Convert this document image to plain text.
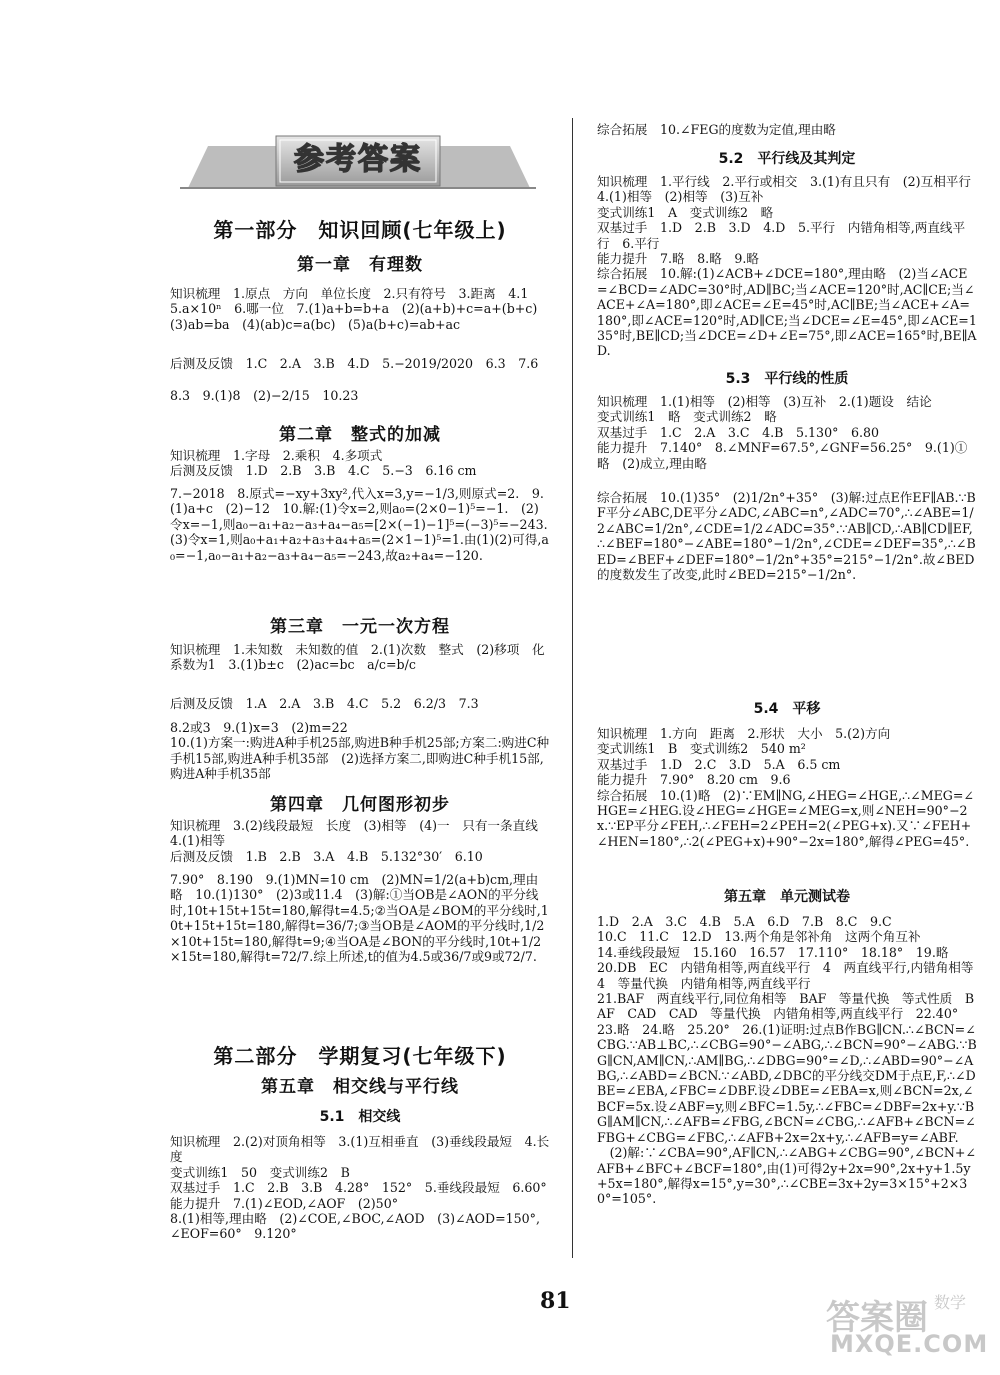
参考答案
第一部分　知识回顾(七年级上)
第一章　有理数

知识梳理　1.原点　方向　单位长度　2.只有符号　3.距离　4.1　5.a×10ⁿ　6.哪一位　7.(1)a+b=b+a　(2)(a+b)+c=a+(b+c)　(3)ab=ba　(4)(ab)c=a(bc)　(5)a(b+c)=ab+ac

后测及反馈　1.C　2.A　3.B　4.D　5.−2019/2020　6.3　7.6

8.3　9.(1)8　(2)−2/15　10.23

第二章　整式的加减

知识梳理　1.字母　2.乘积　4.多项式
后测及反馈　1.D　2.B　3.B　4.C　5.−3　6.16 cm

7.−2018　8.原式=−xy+3xy²,代入x=3,y=−1/3,则原式=2.　9.(1)a+c　(2)−12　10.解:(1)令x=2,则a₀=(2×0−1)⁵=−1.　(2)令x=−1,则a₀−a₁+a₂−a₃+a₄−a₅=[2×(−1)−1]⁵=(−3)⁵=−243.　(3)令x=1,则a₀+a₁+a₂+a₃+a₄+a₅=(2×1−1)⁵=1.由(1)(2)可得,a₀=−1,a₀−a₁+a₂−a₃+a₄−a₅=−243,故a₂+a₄=−120.

第三章　一元一次方程

知识梳理　1.未知数　未知数的值　2.(1)次数　整式　(2)移项　化系数为1　3.(1)b±c　(2)ac=bc　a/c=b/c

后测及反馈　1.A　2.A　3.B　4.C　5.2　6.2/3　7.3

8.2或3　9.(1)x=3　(2)m=22
10.(1)方案一:购进A种手机25部,购进B种手机25部;方案二:购进C种手机15部,购进A种手机35部　(2)选择方案二,即购进C种手机15部,购进A种手机35部

第四章　几何图形初步

知识梳理　3.(2)线段最短　长度　(3)相等　(4)一　只有一条直线　4.(1)相等
后测及反馈　1.B　2.B　3.A　4.B　5.132°30′　6.10

7.90°　8.190　9.(1)MN=10 cm　(2)MN=1/2(a+b)cm,理由略　10.(1)130°　(2)3或11.4　(3)解:①当OB是∠AON的平分线时,10t+15t+15t=180,解得t=4.5;②当OA是∠BOM的平分线时,10t+15t+15t=180,解得t=36/7;③当OB是∠AOM的平分线时,1/2×10t+15t=180,解得t=9;④当OA是∠BON的平分线时,10t+1/2×15t=180,解得t=72/7.综上所述,t的值为4.5或36/7或9或72/7.

第二部分　学期复习(七年级下)
第五章　相交线与平行线
5.1　相交线

知识梳理　2.(2)对顶角相等　3.(1)互相垂直　(3)垂线段最短　4.长度
变式训练1　50　变式训练2　B
双基过手　1.C　2.B　3.B　4.28°　152°　5.垂线段最短　6.60°
能力提升　7.(1)∠EOD,∠AOF　(2)50°
8.(1)相等,理由略　(2)∠COE,∠BOC,∠AOD　(3)∠AOD=150°,∠EOF=60°　9.120°

综合拓展　10.∠FEG的度数为定值,理由略

5.2　平行线及其判定

知识梳理　1.平行线　2.平行或相交　3.(1)有且只有　(2)互相平行　4.(1)相等　(2)相等　(3)互补
变式训练1　A　变式训练2　略
双基过手　1.D　2.B　3.D　4.D　5.平行　内错角相等,两直线平行　6.平行
能力提升　7.略　8.略　9.略
综合拓展　10.解:(1)∠ACB+∠DCE=180°,理由略　(2)当∠ACE=∠BCD=∠ADC=30°时,AD∥BC;当∠ACE=120°时,AC∥CE;当∠ACE+∠A=180°,即∠ACE=∠E=45°时,AC∥BE;当∠ACE+∠A=180°,即∠ACE=120°时,AD∥CE;当∠DCE=∠E=45°,即∠ACE=135°时,BE∥CD;当∠DCE=∠D+∠E=75°,即∠ACE=165°时,BE∥AD.

5.3　平行线的性质

知识梳理　1.(1)相等　(2)相等　(3)互补　2.(1)题设　结论
变式训练1　略　变式训练2　略
双基过手　1.C　2.A　3.C　4.B　5.130°　6.80
能力提升　7.140°　8.∠MNF=67.5°,∠GNF=56.25°　9.(1)①略　(2)成立,理由略

综合拓展　10.(1)35°　(2)1/2n°+35°　(3)解:过点E作EF∥AB.∵BF平分∠ABC,DE平分∠ADC,∠ABC=n°,∠ADC=70°,∴∠ABE=1/2∠ABC=1/2n°,∠CDE=1/2∠ADC=35°.∵AB∥CD,∴AB∥CD∥EF,∴∠BEF=180°−∠ABE=180°−1/2n°,∠CDE=∠DEF=35°,∴∠BED=∠BEF+∠DEF=180°−1/2n°+35°=215°−1/2n°.故∠BED的度数发生了改变,此时∠BED=215°−1/2n°.

5.4　平移

知识梳理　1.方向　距离　2.形状　大小　5.(2)方向
变式训练1　B　变式训练2　540 m²
双基过手　1.D　2.C　3.D　5.A　6.5 cm
能力提升　7.90°　8.20 cm　9.6
综合拓展　10.(1)略　(2)∵EM∥NG,∠HEG=∠HGE,∴∠MEG=∠HGE=∠HEG.设∠HEG=∠HGE=∠MEG=x,则∠NEH=90°−2x.∵EP平分∠FEH,∴∠FEH=2∠PEH=2(∠PEG+x).又∵∠FEH+∠HEN=180°,∴2(∠PEG+x)+90°−2x=180°,解得∠PEG=45°.

第五章　单元测试卷

1.D　2.A　3.C　4.B　5.A　6.D　7.B　8.C　9.C
10.C　11.C　12.D　13.两个角是邻补角　这两个角互补
14.垂线段最短　15.160　16.57　17.110°　18.18°　19.略
20.DB　EC　内错角相等,两直线平行　4　两直线平行,内错角相等　4　等量代换　内错角相等,两直线平行
21.BAF　两直线平行,同位角相等　BAF　等量代换　等式性质　BAF　CAD　CAD　等量代换　内错角相等,两直线平行　22.40°　23.略　24.略　25.20°　26.(1)证明:过点B作BG∥CN.∴∠BCN=∠CBG.∵AB⊥BC,∴∠CBG=90°−∠ABG,∴∠BCN=90°−∠ABG.∵BG∥CN,AM∥CN,∴AM∥BG,∴∠DBG=90°=∠D,∴∠ABD=90°−∠ABG,∴∠ABD=∠BCN.∵∠ABD,∠DBC的平分线交DM于点E,F,∴∠DBE=∠EBA,∠FBC=∠DBF.设∠DBE=∠EBA=x,则∠BCN=2x,∠BCF=5x.设∠ABF=y,则∠BFC=1.5y,∴∠FBC=∠DBF=2x+y.∵BG∥AM∥CN,∴∠AFB=∠FBG,∠BCN=∠CBG,∴∠AFB+∠BCN=∠FBG+∠CBG=∠FBC,∴∠AFB+2x=2x+y,∴∠AFB=y=∠ABF.
　(2)解:∵∠CBA=90°,AF∥CN,∴∠ABG+∠CBG=90°,∠BCN+∠AFB+∠BFC+∠BCF=180°,由(1)可得2y+2x=90°,2x+y+1.5y+5x=180°,解得x=15°,y=30°,∴∠CBE=3x+2y=3×15°+2×30°=105°.

81	答案圈
MXQE.COM
数学
